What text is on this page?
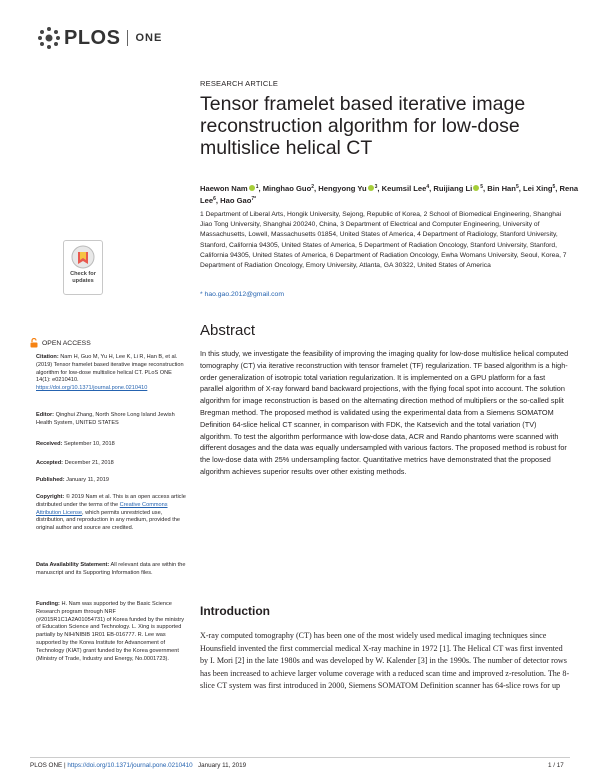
PLOS ONE
Check for updates
OPEN ACCESS
Citation: Nam H, Guo M, Yu H, Lee K, Li R, Han B, et al. (2019) Tensor framelet based iterative image reconstruction algorithm for low-dose multislice helical CT. PLoS ONE 14(1): e0210410. https://doi.org/10.1371/journal.pone.0210410
Editor: Qinghui Zhang, North Shore Long Island Jewish Health System, UNITED STATES
Received: September 10, 2018
Accepted: December 21, 2018
Published: January 11, 2019
Copyright: © 2019 Nam et al. This is an open access article distributed under the terms of the Creative Commons Attribution License, which permits unrestricted use, distribution, and reproduction in any medium, provided the original author and source are credited.
Data Availability Statement: All relevant data are within the manuscript and its Supporting Information files.
Funding: H. Nam was supported by the Basic Science Research program through NRF (#2015R1C1A2A01054731) of Korea funded by the ministry of Education Science and Technology. L. Xing is supported partially by NIH/NIBIB 1R01 EB-016777. R. Lee was supported by the Korea Institute for Advancement of Technology (KIAT) grant funded by the Korea government (Ministry of Trade, Industry and Energy, No.0001723).
RESEARCH ARTICLE
Tensor framelet based iterative image reconstruction algorithm for low-dose multislice helical CT
Haewon Nam $^1$, Minghao Guo$^2$, Hengyong Yu $^3$, Keumsil Lee$^4$, Ruijiang Li $^5$, Bin Han$^5$, Lei Xing$^5$, Rena Lee$^6$, Hao Gao$^{7*}$
1 Department of Liberal Arts, Hongik University, Sejong, Republic of Korea, 2 School of Biomedical Engineering, Shanghai Jiao Tong University, Shanghai 200240, China, 3 Department of Electrical and Computer Engineering, University of Massachusetts, Lowell, Massachusetts 01854, United States of America, 4 Department of Radiology, Stanford University, Stanford, California 94305, United States of America, 5 Department of Radiation Oncology, Stanford University, Stanford, California 94305, United States of America, 6 Department of Radiation Oncology, Ewha Womans University, Seoul, Korea, 7 Department of Radiation Oncology, Emory University, Atlanta, GA 30322, United States of America
* hao.gao.2012@gmail.com
Abstract
In this study, we investigate the feasibility of improving the imaging quality for low-dose multislice helical computed tomography (CT) via iterative reconstruction with tensor framelet (TF) regularization. TF based algorithm is a high-order generalization of isotropic total variation regularization. It is implemented on a GPU platform for a fast parallel algorithm of X-ray forward band backward projections, with the flying focal spot into account. The solution algorithm for image reconstruction is based on the alternating direction method of multipliers or the so-called split Bregman method. The proposed method is validated using the experimental data from a Siemens SOMATOM Definition 64-slice helical CT scanner, in comparison with FDK, the Katsevich and the total variation (TV) algorithm. To test the algorithm performance with low-dose data, ACR and Rando phantoms were scanned with different dosages and the data was equally undersampled with various factors. The proposed method is robust for the low-dose data with 25% undersampling factor. Quantitative metrics have demonstrated that the proposed algorithm achieves superior results over other existing methods.
Introduction
X-ray computed tomography (CT) has been one of the most widely used medical imaging techniques since Hounsfield invented the first commercial medical X-ray machine in 1972 [1]. The Helical CT was first invented by I. Mori [2] in the late 1980s and was developed by W. Kalender [3] in the 1990s. The number of detector rows has been increased to achieve larger volume coverage with a reduced scan time and improved z-resolution. The 8-slice CT system was first introduced in 2000, Siemens SOMATOM Definition scanner has 64-slice rows for up
PLOS ONE | https://doi.org/10.1371/journal.pone.0210410 January 11, 2019	1 / 17
